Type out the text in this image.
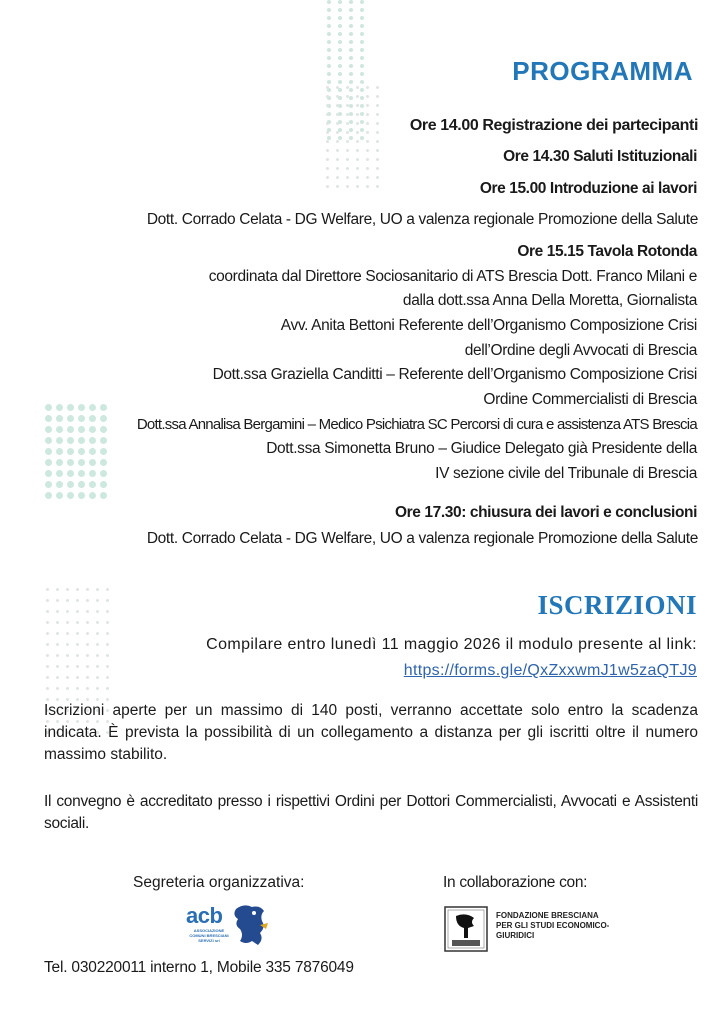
PROGRAMMA
Ore 14.00 Registrazione dei partecipanti
Ore 14.30 Saluti Istituzionali
Ore 15.00 Introduzione ai lavori
Dott. Corrado Celata - DG Welfare, UO a valenza regionale Promozione della Salute
Ore 15.15 Tavola Rotonda
coordinata dal Direttore Sociosanitario di ATS Brescia Dott. Franco Milani e
dalla dott.ssa Anna Della Moretta, Giornalista
Avv. Anita Bettoni Referente dell’Organismo Composizione Crisi
dell’Ordine degli Avvocati di Brescia
Dott.ssa Graziella Canditti – Referente dell’Organismo Composizione Crisi
Ordine Commercialisti di Brescia
Dott.ssa Annalisa Bergamini – Medico Psichiatra SC Percorsi di cura e assistenza ATS Brescia
Dott.ssa Simonetta Bruno – Giudice Delegato già Presidente della
IV sezione civile del Tribunale di Brescia
Ore 17.30: chiusura dei lavori e conclusioni
Dott. Corrado Celata - DG Welfare, UO a valenza regionale Promozione della Salute
ISCRIZIONI
Compilare entro lunedì 11 maggio 2026 il modulo presente al link:
https://forms.gle/QxZxxwmJ1w5zaQTJ9
Iscrizioni aperte per un massimo di 140 posti, verranno accettate solo entro la scadenza indicata. È prevista la possibilità di un collegamento a distanza per gli iscritti oltre il numero massimo stabilito.
Il convegno è accreditato presso i rispettivi Ordini per Dottori Commercialisti, Avvocati e Assistenti sociali.
Segreteria organizzativa:	In collaborazione con:
acb
ASSOCIAZIONE COMUNI BRESCIANI SERVIZI srl
FONDAZIONE BRESCIANA PER GLI STUDI ECONOMICO-GIURIDICI
Tel. 030220011 interno 1, Mobile 335 7876049
